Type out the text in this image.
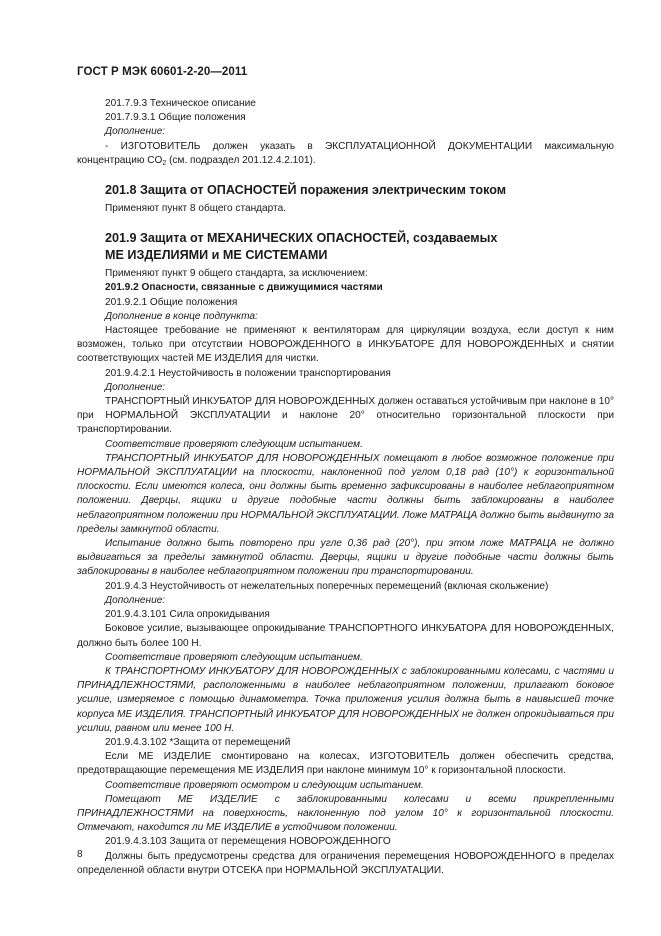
ГОСТ Р МЭК 60601-2-20—2011

201.7.9.3 Техническое описание

201.7.9.3.1 Общие положения

Дополнение:

- ИЗГОТОВИТЕЛЬ должен указать в ЭКСПЛУАТАЦИОННОЙ ДОКУМЕНТАЦИИ максимальную концентрацию $CO_2$ (см. подраздел 201.12.4.2.101).

201.8 Защита от ОПАСНОСТЕЙ поражения электрическим током

Применяют пункт 8 общего стандарта.

201.9 Защита от МЕХАНИЧЕСКИХ ОПАСНОСТЕЙ, создаваемых

МЕ ИЗДЕЛИЯМИ и МЕ СИСТЕМАМИ

Применяют пункт 9 общего стандарта, за исключением:

201.9.2 Опасности, связанные с движущимися частями

201.9.2.1 Общие положения

Дополнение в конце подпункта:

Настоящее требование не применяют к вентиляторам для циркуляции воздуха, если доступ к ним возможен, только при отсутствии НОВОРОЖДЕННОГО в ИНКУБАТОРЕ ДЛЯ НОВОРОЖДЕННЫХ и снятии соответствующих частей МЕ ИЗДЕЛИЯ для чистки.

201.9.4.2.1 Неустойчивость в положении транспортирования

Дополнение:

ТРАНСПОРТНЫЙ ИНКУБАТОР ДЛЯ НОВОРОЖДЕННЫХ должен оставаться устойчивым при наклоне в 10° при НОРМАЛЬНОЙ ЭКСПЛУАТАЦИИ и наклоне 20° относительно горизонтальной плоскости при транспортировании.

Соответствие проверяют следующим испытанием.

ТРАНСПОРТНЫЙ ИНКУБАТОР ДЛЯ НОВОРОЖДЕННЫХ помещают в любое возможное положение при НОРМАЛЬНОЙ ЭКСПЛУАТАЦИИ на плоскости, наклоненной под углом 0,18 рад (10°) к горизонтальной плоскости. Если имеются колеса, они должны быть временно зафиксированы в наиболее неблагоприятном положении. Дверцы, ящики и другие подобные части должны быть заблокированы в наиболее неблагоприятном положении при НОРМАЛЬНОЙ ЭКСПЛУАТАЦИИ. Ложе МАТРАЦА должно быть выдвинуто за пределы замкнутой области.

Испытание должно быть повторено при угле 0,36 рад (20°), при этом ложе МАТРАЦА не должно выдвигаться за пределы замкнутой области. Дверцы, ящики и другие подобные части должны быть заблокированы в наиболее неблагоприятном положении при транспортировании.

201.9.4.3 Неустойчивость от нежелательных поперечных перемещений (включая скольжение)

Дополнение:

201.9.4.3.101 Сила опрокидывания

Боковое усилие, вызывающее опрокидывание ТРАНСПОРТНОГО ИНКУБАТОРА ДЛЯ НОВОРОЖДЕННЫХ, должно быть более 100 Н.

Соответствие проверяют следующим испытанием.

К ТРАНСПОРТНОМУ ИНКУБАТОРУ ДЛЯ НОВОРОЖДЕННЫХ с заблокированными колесами, с частями и ПРИНАДЛЕЖНОСТЯМИ, расположенными в наиболее неблагоприятном положении, прилагают боковое усилие, измеряемое с помощью динамометра. Точка приложения усилия должна быть в наивысшей точке корпуса МЕ ИЗДЕЛИЯ. ТРАНСПОРТНЫЙ ИНКУБАТОР ДЛЯ НОВОРОЖДЕННЫХ не должен опрокидываться при усилии, равном или менее 100 Н.

201.9.4.3.102 *Защита от перемещений

Если МЕ ИЗДЕЛИЕ смонтировано на колесах, ИЗГОТОВИТЕЛЬ должен обеспечить средства, предотвращающие перемещения МЕ ИЗДЕЛИЯ при наклоне минимум 10° к горизонтальной плоскости.

Соответствие проверяют осмотром и следующим испытанием.

Помещают МЕ ИЗДЕЛИЕ с заблокированными колесами и всеми прикрепленными ПРИНАДЛЕЖНОСТЯМИ на поверхность, наклоненную под углом 10° к горизонтальной плоскости. Отмечают, находится ли МЕ ИЗДЕЛИЕ в устойчивом положении.

201.9.4.3.103 Защита от перемещения НОВОРОЖДЕННОГО

Должны быть предусмотрены средства для ограничения перемещения НОВОРОЖДЕННОГО в пределах определенной области внутри ОТСЕКА при НОРМАЛЬНОЙ ЭКСПЛУАТАЦИИ.

8
